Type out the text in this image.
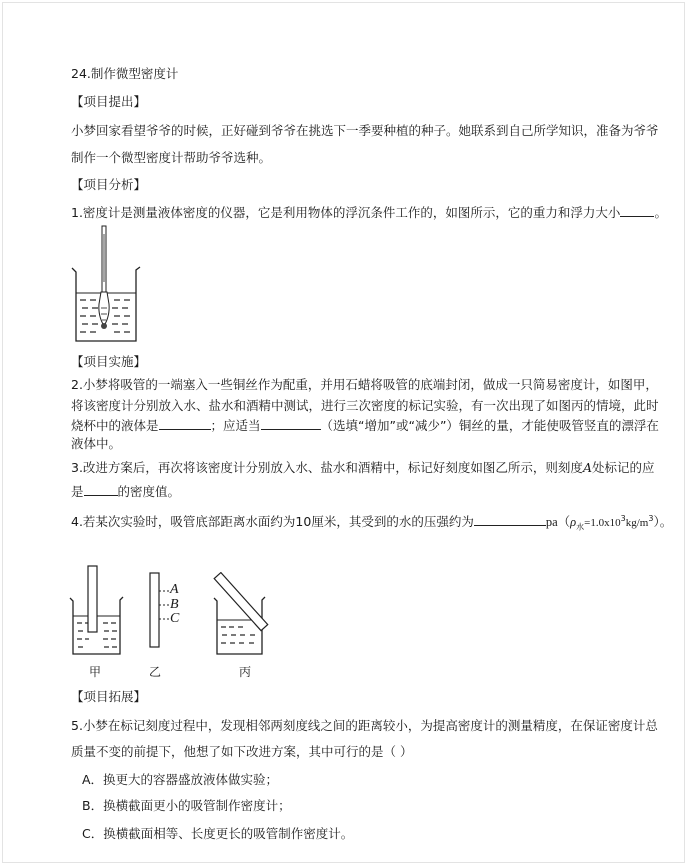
24.制作微型密度计
【项目提出】
小梦回家看望爷爷的时候，正好碰到爷爷在挑选下一季要种植的种子。她联系到自己所学知识，准备为爷爷
制作一个微型密度计帮助爷爷选种。
【项目分析】
1.密度计是测量液体密度的仪器，它是利用物体的浮沉条件工作的，如图所示，它的重力和浮力大小	。
【项目实施】
2.小梦将吸管的一端塞入一些铜丝作为配重，并用石蜡将吸管的底端封闭，做成一只简易密度计，如图甲，
将该密度计分别放入水、盐水和酒精中测试，进行三次密度的标记实验，有一次出现了如图丙的情境，此时
烧杯中的液体是	；应适当	（选填“增加”或“减少”）铜丝的量，才能使吸管竖直的漂浮在
液体中。
3.改进方案后，再次将该密度计分别放入水、盐水和酒精中，标记好刻度如图乙所示，则刻度A处标记的应
是	的密度值。
4.若某次实验时，吸管底部距离水面约为10厘米，其受到的水的压强约为	$pa(\rho_水=1.0x10^3kg/m^3)$。
A
B
C
甲	乙	丙
【项目拓展】
5.小梦在标记刻度过程中，发现相邻两刻度线之间的距离较小，为提高密度计的测量精度，在保证密度计总
质量不变的前提下，他想了如下改进方案，其中可行的是（ ）
A．换更大的容器盛放液体做实验；
B．换横截面更小的吸管制作密度计；
C．换横截面相等、长度更长的吸管制作密度计。
